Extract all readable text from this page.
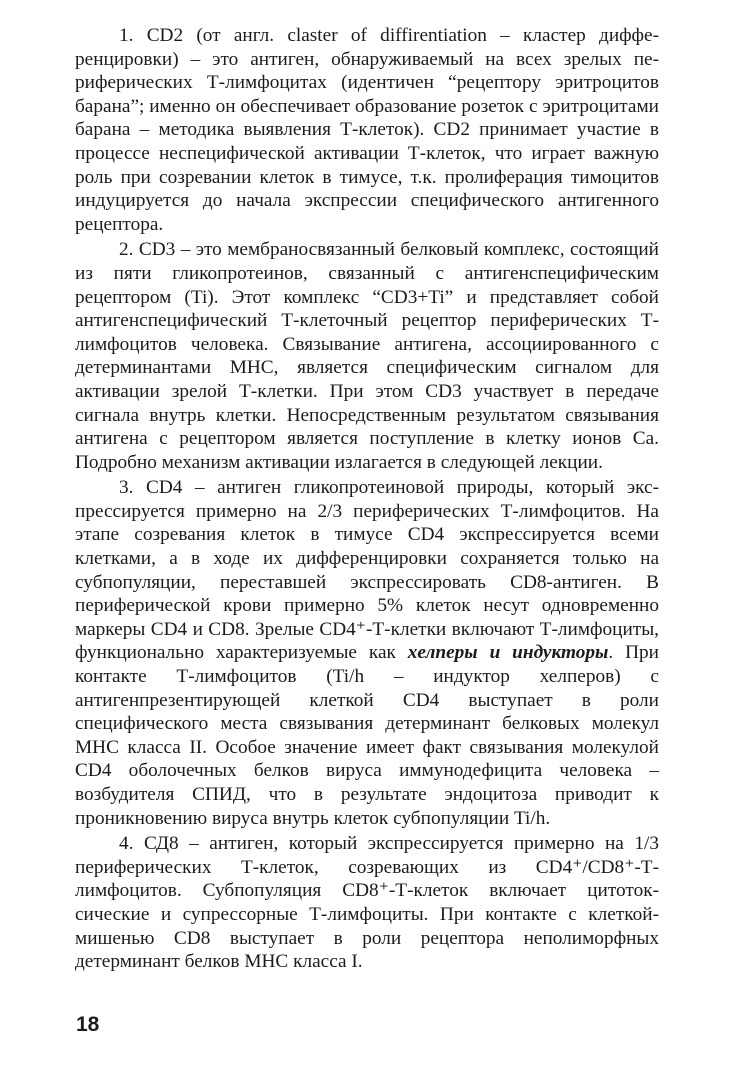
1. CD2 (от англ. claster of diffirentiation – кластер дифференцировки) – это антиген, обнаруживаемый на всех зрелых периферических Т-лимфоцитах (идентичен “рецептору эритроцитов барана”; именно он обеспечивает образование розеток с эритроцитами барана – методика выявления Т-клеток). CD2 принимает участие в процессе неспецифической активации Т-клеток, что играет важную роль при созревании клеток в тимусе, т.к. пролиферация тимоцитов индуцируется до начала экспрессии специфического антигенного рецептора.

2. CD3 – это мембраносвязанный белковый комплекс, состоящий из пяти гликопротеинов, связанный с антигенспецифическим рецептором (Ti). Этот комплекс “CD3+Ti” и представляет собой антигенспецифический Т-клеточный рецептор периферических Т-лимфоцитов человека. Связывание антигена, ассоциированного с детерминантами MHC, является специфическим сигналом для активации зрелой Т-клетки. При этом CD3 участвует в передаче сигнала внутрь клетки. Непосредственным результатом связывания антигена с рецептором является поступление в клетку ионов Са. Подробно механизм активации излагается в следующей лекции.

3. CD4 – антиген гликопротеиновой природы, который экспрессируется примерно на 2/3 периферических Т-лимфоцитов. На этапе созревания клеток в тимусе CD4 экспрессируется всеми клетками, а в ходе их дифференцировки сохраняется только на субпопуляции, переставшей экспрессировать CD8-антиген. В периферической крови примерно 5% клеток несут одновременно маркеры CD4 и CD8. Зрелые CD4⁺-Т-клетки включают Т-лимфоциты, функционально характеризуемые как хелперы и индукторы. При контакте Т-лимфоцитов (Ti/h – индуктор хелперов) с антигенпрезентирующей клеткой CD4 выступает в роли специфического места связывания детерминант белковых молекул MHC класса II. Особое значение имеет факт связывания молекулой CD4 оболочечных белков вируса иммунодефицита человека – возбудителя СПИД, что в результате эндоцитоза приводит к проникновению вируса внутрь клеток субпопуляции Ti/h.

4. СД8 – антиген, который экспрессируется примерно на 1/3 периферических Т-клеток, созревающих из CD4⁺/CD8⁺-Т-лимфоцитов. Субпопуляция CD8⁺-Т-клеток включает цитотоксические и супрессорные Т-лимфоциты. При контакте с клеткой-мишенью CD8 выступает в роли рецептора неполиморфных детерминант белков MHC класса I.

18
